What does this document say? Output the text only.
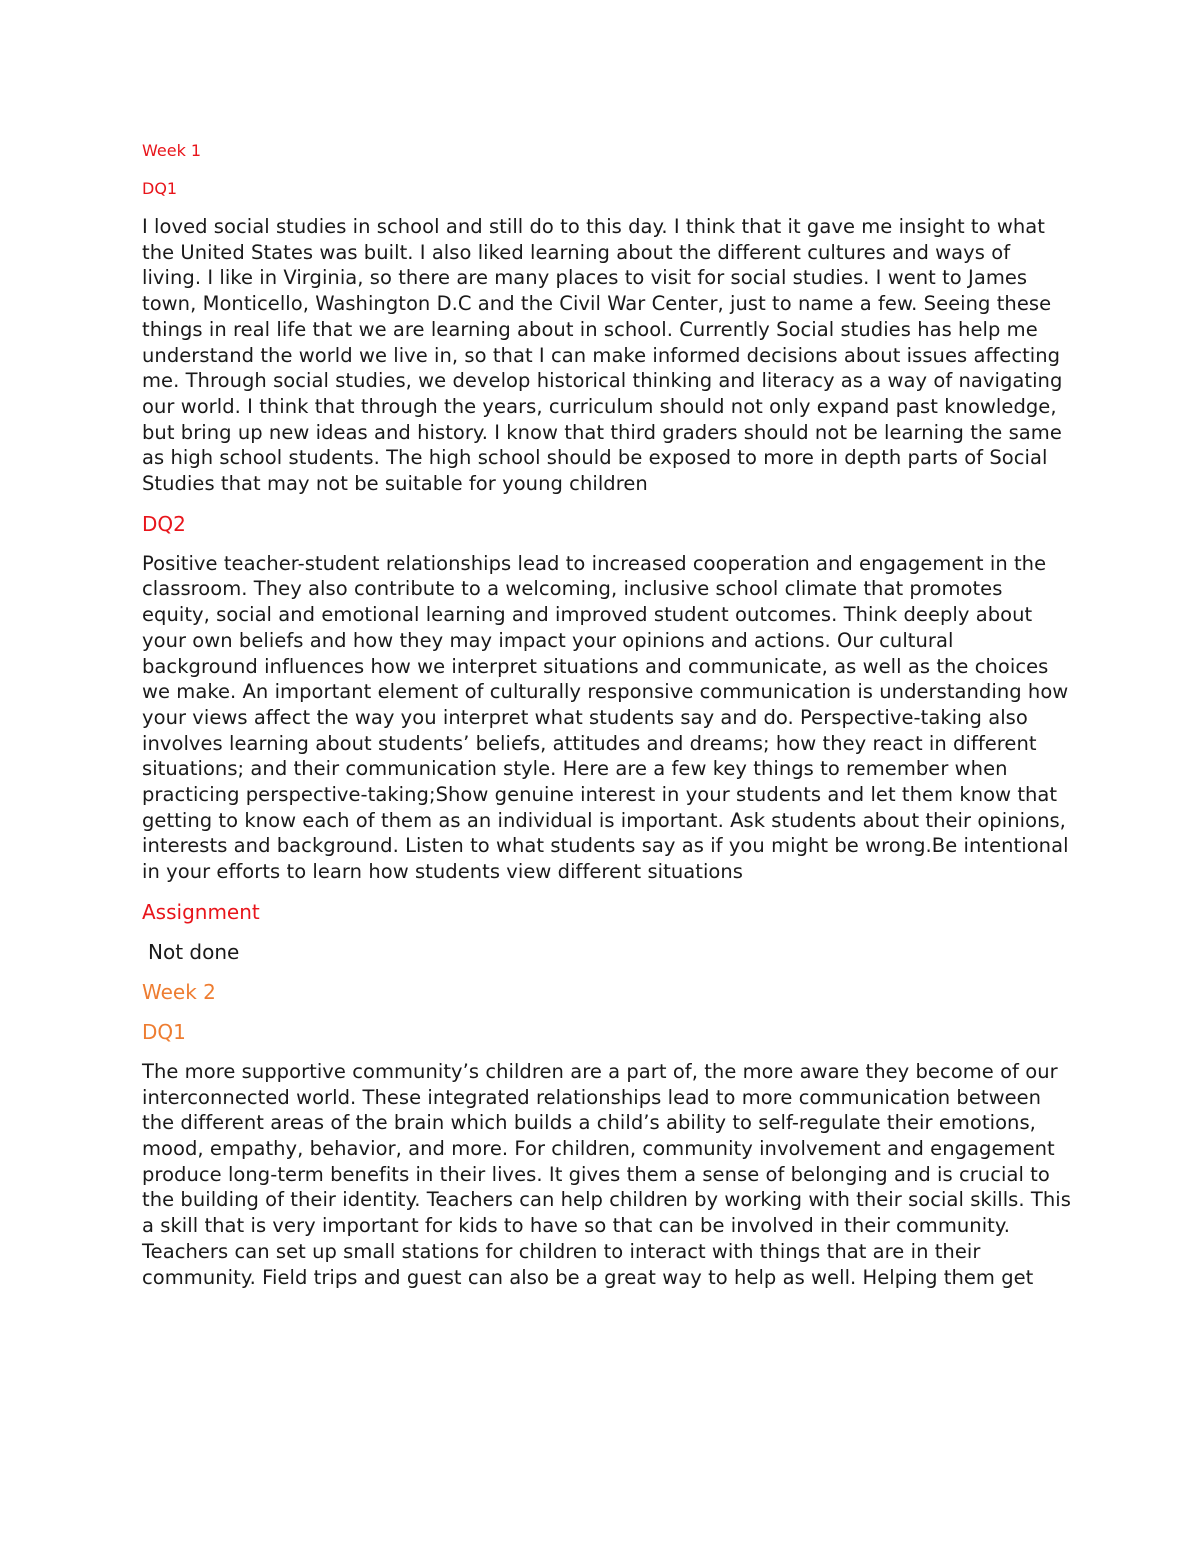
Week 1

DQ1

I loved social studies in school and still do to this day. I think that it gave me insight to what the United States was built. I also liked learning about the different cultures and ways of living. I like in Virginia, so there are many places to visit for social studies. I went to James town, Monticello, Washington D.C and the Civil War Center, just to name a few. Seeing these things in real life that we are learning about in school. Currently Social studies has help me understand the world we live in, so that I can make informed decisions about issues affecting me. Through social studies, we develop historical thinking and literacy as a way of navigating our world. I think that through the years, curriculum should not only expand past knowledge, but bring up new ideas and history. I know that third graders should not be learning the same as high school students. The high school should be exposed to more in depth parts of Social Studies that may not be suitable for young children

DQ2

Positive teacher-student relationships lead to increased cooperation and engagement in the classroom. They also contribute to a welcoming, inclusive school climate that promotes equity, social and emotional learning and improved student outcomes. Think deeply about your own beliefs and how they may impact your opinions and actions. Our cultural background influences how we interpret situations and communicate, as well as the choices we make. An important element of culturally responsive communication is understanding how your views affect the way you interpret what students say and do. Perspective-taking also involves learning about students’ beliefs, attitudes and dreams; how they react in different situations; and their communication style. Here are a few key things to remember when practicing perspective-taking;Show genuine interest in your students and let them know that getting to know each of them as an individual is important. Ask students about their opinions, interests and background. Listen to what students say as if you might be wrong.Be intentional in your efforts to learn how students view different situations

Assignment

Not done

Week 2

DQ1

The more supportive community’s children are a part of, the more aware they become of our interconnected world. These integrated relationships lead to more communication between the different areas of the brain which builds a child’s ability to self-regulate their emotions, mood, empathy, behavior, and more. For children, community involvement and engagement produce long-term benefits in their lives. It gives them a sense of belonging and is crucial to the building of their identity. Teachers can help children by working with their social skills. This a skill that is very important for kids to have so that can be involved in their community. Teachers can set up small stations for children to interact with things that are in their community. Field trips and guest can also be a great way to help as well. Helping them get
